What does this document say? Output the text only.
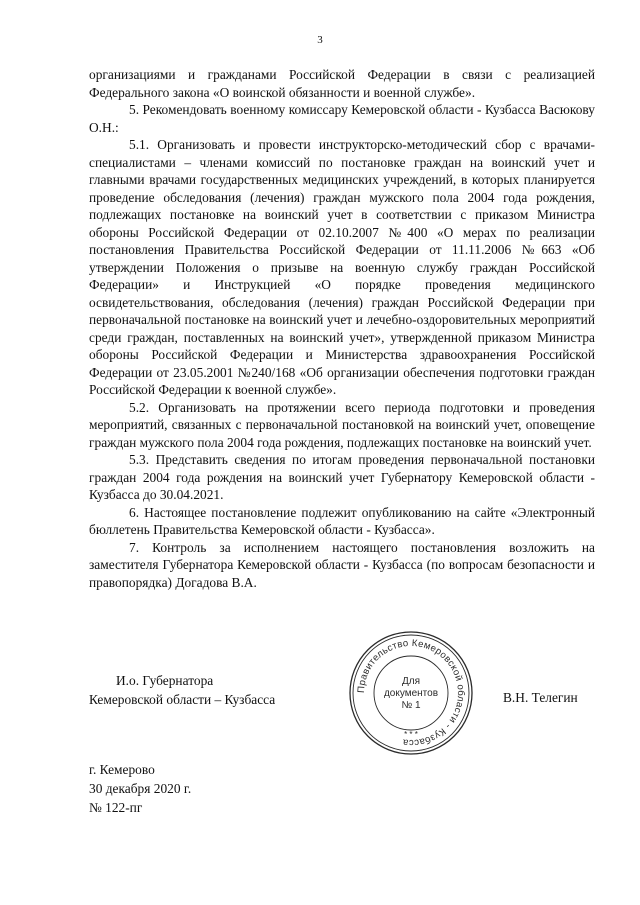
3

организациями и гражданами Российской Федерации в связи с реализацией Федерального закона «О воинской обязанности и военной службе».

5. Рекомендовать военному комиссару Кемеровской области - Кузбасса Васюкову О.Н.:

5.1. Организовать и провести инструкторско-методический сбор с врачами-специалистами – членами комиссий по постановке граждан на воинский учет и главными врачами государственных медицинских учреждений, в которых планируется проведение обследования (лечения) граждан мужского пола 2004 года рождения, подлежащих постановке на воинский учет в соответствии с приказом Министра обороны Российской Федерации от 02.10.2007 №400 «О мерах по реализации постановления Правительства Российской Федерации от 11.11.2006 №663 «Об утверждении Положения о призыве на военную службу граждан Российской Федерации» и Инструкцией «О порядке проведения медицинского освидетельствования, обследования (лечения) граждан Российской Федерации при первоначальной постановке на воинский учет и лечебно-оздоровительных мероприятий среди граждан, поставленных на воинский учет», утвержденной приказом Министра обороны Российской Федерации и Министерства здравоохранения Российской Федерации от 23.05.2001 №240/168 «Об организации обеспечения подготовки граждан Российской Федерации к военной службе».

5.2. Организовать на протяжении всего периода подготовки и проведения мероприятий, связанных с первоначальной постановкой на воинский учет, оповещение граждан мужского пола 2004 года рождения, подлежащих постановке на воинский учет.

5.3. Представить сведения по итогам проведения первоначальной постановки граждан 2004 года рождения на воинский учет Губернатору Кемеровской области - Кузбасса до 30.04.2021.

6. Настоящее постановление подлежит опубликованию на сайте «Электронный бюллетень Правительства Кемеровской области - Кузбасса».

7. Контроль за исполнением настоящего постановления возложить на заместителя Губернатора Кемеровской области - Кузбасса (по вопросам безопасности и правопорядка) Догадова В.А.

И.о. Губернатора
Кемеровской области – Кузбасса
Правительство Кемеровской области - Кузбасса
* * *
Для
документов
№ 1
В.Н. Телегин
г. Кемерово
30 декабря 2020 г.
№ 122-пг
